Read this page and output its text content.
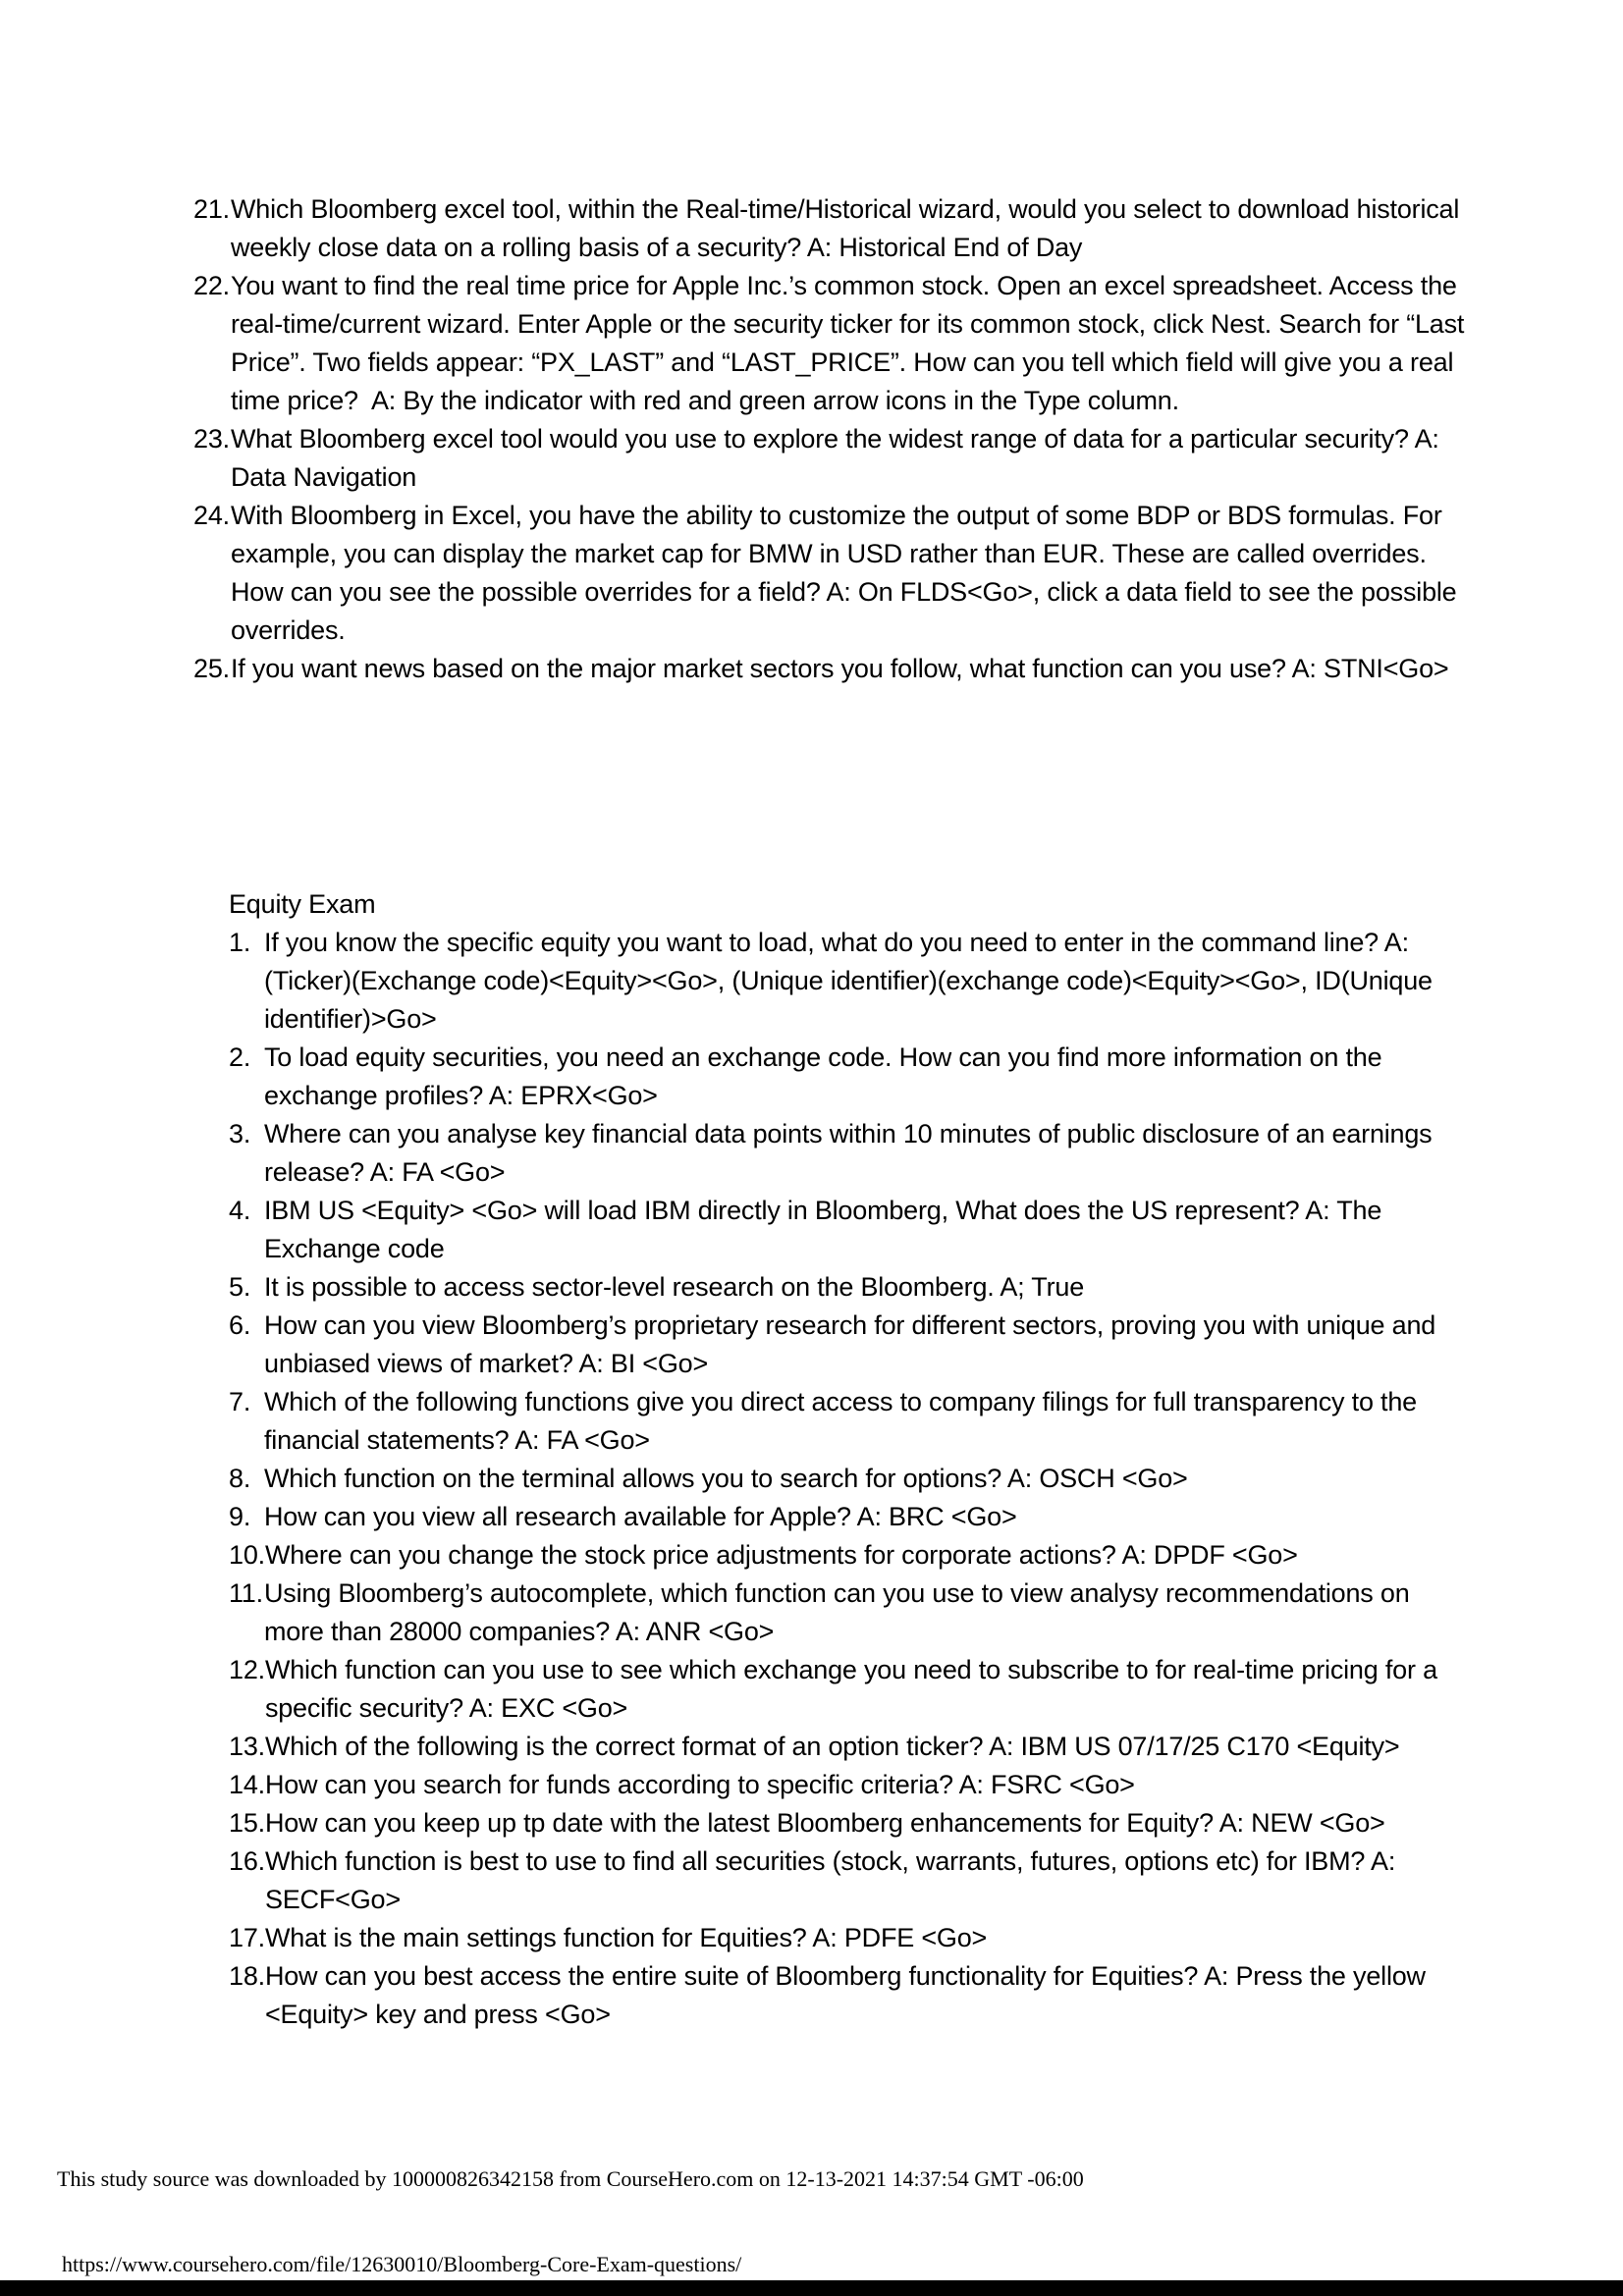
21. Which Bloomberg excel tool, within the Real-time/Historical wizard, would you select to download historical weekly close data on a rolling basis of a security? A: Historical End of Day
22. You want to find the real time price for Apple Inc.’s common stock. Open an excel spreadsheet. Access the real-time/current wizard. Enter Apple or the security ticker for its common stock, click Nest. Search for “Last Price”. Two fields appear: “PX_LAST” and “LAST_PRICE”. How can you tell which field will give you a real time price?  A: By the indicator with red and green arrow icons in the Type column.
23. What Bloomberg excel tool would you use to explore the widest range of data for a particular security? A: Data Navigation
24. With Bloomberg in Excel, you have the ability to customize the output of some BDP or BDS formulas. For example, you can display the market cap for BMW in USD rather than EUR. These are called overrides. How can you see the possible overrides for a field? A: On FLDS<Go>, click a data field to see the possible overrides.
25. If you want news based on the major market sectors you follow, what function can you use? A: STNI<Go>
Equity Exam
1. If you know the specific equity you want to load, what do you need to enter in the command line? A: (Ticker)(Exchange code)<Equity><Go>, (Unique identifier)(exchange code)<Equity><Go>, ID(Unique identifier)>Go>
2. To load equity securities, you need an exchange code. How can you find more information on the exchange profiles? A: EPRX<Go>
3. Where can you analyse key financial data points within 10 minutes of public disclosure of an earnings release? A: FA <Go>
4. IBM US <Equity> <Go> will load IBM directly in Bloomberg, What does the US represent? A: The Exchange code
5. It is possible to access sector-level research on the Bloomberg. A; True
6. How can you view Bloomberg’s proprietary research for different sectors, proving you with unique and unbiased views of market? A: BI <Go>
7. Which of the following functions give you direct access to company filings for full transparency to the financial statements? A: FA <Go>
8. Which function on the terminal allows you to search for options? A: OSCH <Go>
9. How can you view all research available for Apple? A: BRC <Go>
10. Where can you change the stock price adjustments for corporate actions? A: DPDF <Go>
11. Using Bloomberg’s autocomplete, which function can you use to view analysy recommendations on more than 28000 companies? A: ANR <Go>
12. Which function can you use to see which exchange you need to subscribe to for real-time pricing for a specific security? A: EXC <Go>
13. Which of the following is the correct format of an option ticker? A: IBM US 07/17/25 C170 <Equity>
14. How can you search for funds according to specific criteria? A: FSRC <Go>
15. How can you keep up tp date with the latest Bloomberg enhancements for Equity? A: NEW <Go>
16. Which function is best to use to find all securities (stock, warrants, futures, options etc) for IBM? A: SECF<Go>
17. What is the main settings function for Equities? A: PDFE <Go>
18. How can you best access the entire suite of Bloomberg functionality for Equities? A: Press the yellow <Equity> key and press <Go>
This study source was downloaded by 100000826342158 from CourseHero.com on 12-13-2021 14:37:54 GMT -06:00
https://www.coursehero.com/file/12630010/Bloomberg-Core-Exam-questions/
